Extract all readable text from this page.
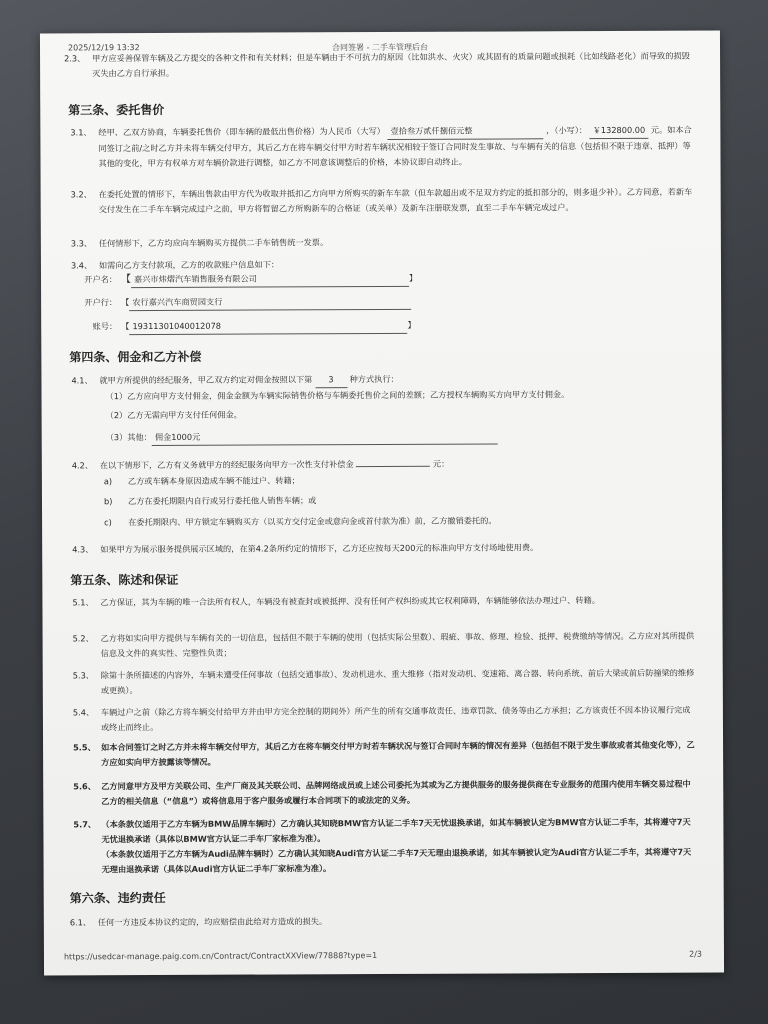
2025/12/19 13:32	合同签署 - 二手车管理后台
2.3、 甲方应妥善保管车辆及乙方提交的各种文件和有关材料；但是车辆由于不可抗力的原因（比如洪水、火灾）或其固有的质量问题或损耗（比如线路老化）而导致的损毁灭失由乙方自行承担。
第三条、委托售价
3.1、 经甲、乙双方协商，车辆委托售价（即车辆的最低出售价格）为人民币（大写） 壹拾叁万贰仟捌佰元整	，（小写）： ￥132800.00 元。如本合同签订之前/之时乙方并未将车辆交付甲方，其后乙方在将车辆交付甲方时若车辆状况相较于签订合同时发生事故、与车辆有关的信息（包括但不限于违章、抵押）等其他的变化，甲方有权单方对车辆价款进行调整，如乙方不同意该调整后的价格，本协议即自动终止。
3.2、 在委托处置的情形下，车辆出售款由甲方代为收取并抵扣乙方向甲方所购买的新车车款（但车款超出或不足双方约定的抵扣部分的，则多退少补）。乙方同意，若新车交付发生在二手车车辆完成过户之前，甲方将暂留乙方所购新车的合格证（或关单）及新车注册联发票，直至二手车车辆完成过户。
3.3、 任何情形下，乙方均应向车辆购买方提供二手车销售统一发票。
3.4、 如需向乙方支付款项，乙方的收款账户信息如下：
开户名： 【 嘉兴市炜熠汽车销售服务有限公司	】
开户行： 【 农行嘉兴汽车商贸园支行
账号： 【 19311301040012078	】
第四条、佣金和乙方补偿
4.1、 就甲方所提供的经纪服务，甲乙双方约定对佣金按照以下第 3 种方式执行：
（1）乙方应向甲方支付佣金，佣金金额为车辆实际销售价格与车辆委托售价之间的差额；乙方授权车辆购买方向甲方支付佣金。
（2）乙方无需向甲方支付任何佣金。
（3）其他： 佣金1000元
4.2、 在以下情形下，乙方有义务就甲方的经纪服务向甲方一次性支付补偿金	元：
a) 乙方或车辆本身原因造成车辆不能过户、转籍；
b) 乙方在委托期限内自行或另行委托他人销售车辆；或
c) 在委托期限内、甲方锁定车辆购买方（以买方交付定金或意向金或首付款为准）前，乙方撤销委托的。
4.3、 如果甲方为展示服务提供展示区域的，在第4.2条所约定的情形下，乙方还应按每天200元的标准向甲方支付场地使用费。
第五条、陈述和保证
5.1、 乙方保证，其为车辆的唯一合法所有权人，车辆没有被查封或被抵押、没有任何产权纠纷或其它权利障碍，车辆能够依法办理过户、转籍。
5.2、 乙方将如实向甲方提供与车辆有关的一切信息，包括但不限于车辆的使用（包括实际公里数）、瑕疵、事故、修理、检验、抵押、税费缴纳等情况。乙方应对其所提供信息及文件的真实性、完整性负责；
5.3、 除第十条所描述的内容外，车辆未遭受任何事故（包括交通事故）、发动机进水、重大维修（指对发动机、变速箱、离合器、转向系统、前后大梁或前后防撞梁的维修或更换）。
5.4、 车辆过户之前（除乙方将车辆交付给甲方并由甲方完全控制的期间外）所产生的所有交通事故责任、违章罚款、债务等由乙方承担；乙方该责任不因本协议履行完成或终止而终止。
5.5、 如本合同签订之时乙方并未将车辆交付甲方，其后乙方在将车辆交付甲方时若车辆状况与签订合同时车辆的情况有差异（包括但不限于发生事故或者其他变化等），乙方应如实向甲方披露该等情况。
5.6、 乙方同意甲方及甲方关联公司、生产厂商及其关联公司、品牌网络成员或上述公司委托为其或为乙方提供服务的服务提供商在专业服务的范围内使用车辆交易过程中乙方的相关信息（“信息”）或将信息用于客户服务或履行本合同项下的或法定的义务。
5.7、 （本条款仅适用于乙方车辆为BMW品牌车辆时）乙方确认其知晓BMW官方认证二手车7天无忧退换承诺，如其车辆被认定为BMW官方认证二手车，其将遵守7天无忧退换承诺（具体以BMW官方认证二手车厂家标准为准）。
（本条款仅适用于乙方车辆为Audi品牌车辆时）乙方确认其知晓Audi官方认证二手车7天无理由退换承诺，如其车辆被认定为Audi官方认证二手车，其将遵守7天无理由退换承诺（具体以Audi官方认证二手车厂家标准为准）。
第六条、违约责任
6.1、 任何一方违反本协议约定的，均应赔偿由此给对方造成的损失。
https://usedcar-manage.paig.com.cn/Contract/ContractXXView/77888?type=1	2/3
